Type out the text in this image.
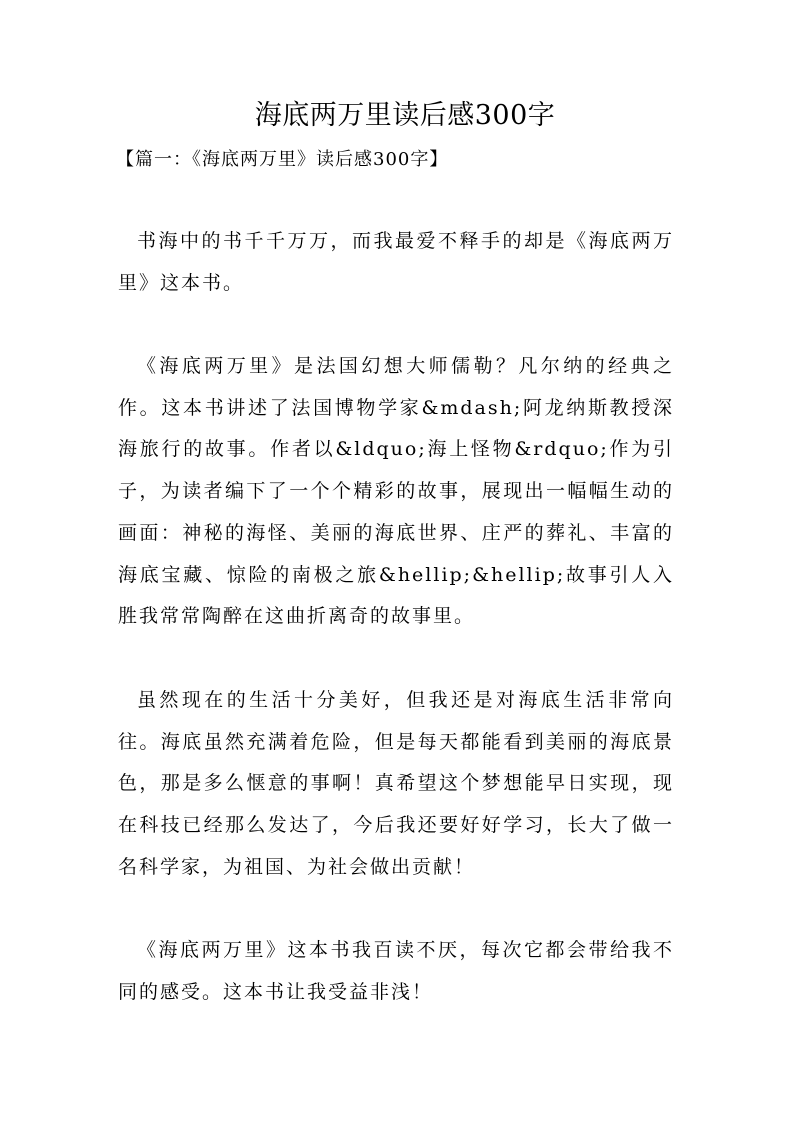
海底两万里读后感300字

【篇一：《海底两万里》读后感300字】

书海中的书千千万万，而我最爱不释手的却是《海底两万里》这本书。

《海底两万里》是法国幻想大师儒勒？凡尔纳的经典之作。这本书讲述了法国博物学家&mdash;阿龙纳斯教授深海旅行的故事。作者以&ldquo;海上怪物&rdquo;作为引子，为读者编下了一个个精彩的故事，展现出一幅幅生动的画面：神秘的海怪、美丽的海底世界、庄严的葬礼、丰富的海底宝藏、惊险的南极之旅&hellip;&hellip;故事引人入胜我常常陶醉在这曲折离奇的故事里。

虽然现在的生活十分美好，但我还是对海底生活非常向往。海底虽然充满着危险，但是每天都能看到美丽的海底景色，那是多么惬意的事啊！真希望这个梦想能早日实现，现在科技已经那么发达了，今后我还要好好学习，长大了做一名科学家，为祖国、为社会做出贡献！

《海底两万里》这本书我百读不厌，每次它都会带给我不同的感受。这本书让我受益非浅！
